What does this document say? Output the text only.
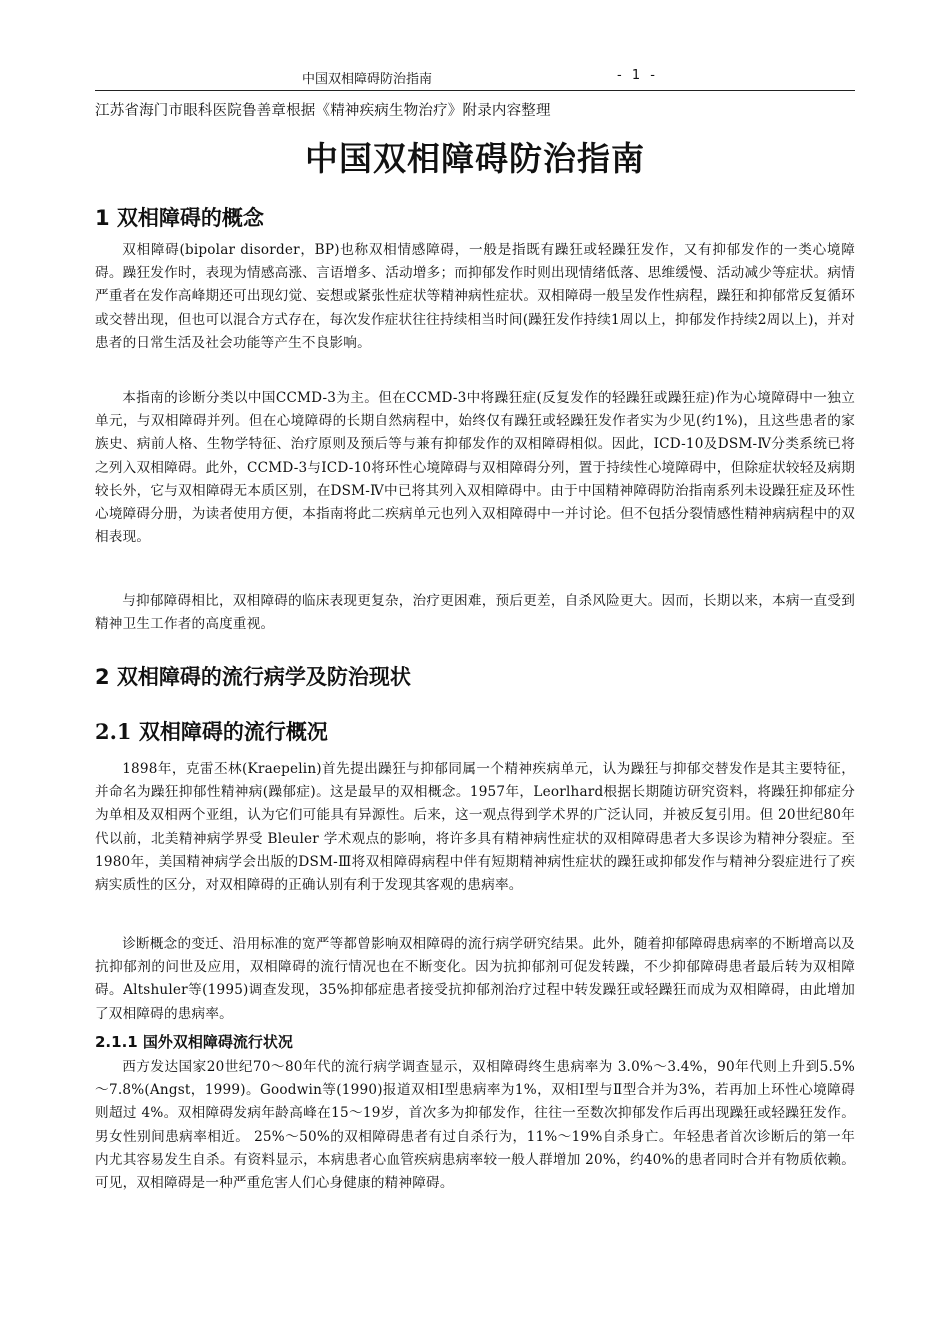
中国双相障碍防治指南	- 1 -
江苏省海门市眼科医院鲁善章根据《精神疾病生物治疗》附录内容整理
中国双相障碍防治指南
1 双相障碍的概念

双相障碍(bipolar disorder，BP)也称双相情感障碍，一般是指既有躁狂或轻躁狂发作，又有抑郁发作的一类心境障碍。躁狂发作时，表现为情感高涨、言语增多、活动增多；而抑郁发作时则出现情绪低落、思维缓慢、活动减少等症状。病情严重者在发作高峰期还可出现幻觉、妄想或紧张性症状等精神病性症状。双相障碍一般呈发作性病程，躁狂和抑郁常反复循环或交替出现，但也可以混合方式存在，每次发作症状往往持续相当时间(躁狂发作持续1周以上，抑郁发作持续2周以上)，并对患者的日常生活及社会功能等产生不良影响。

本指南的诊断分类以中国CCMD-3为主。但在CCMD-3中将躁狂症(反复发作的轻躁狂或躁狂症)作为心境障碍中一独立单元，与双相障碍并列。但在心境障碍的长期自然病程中，始终仅有躁狂或轻躁狂发作者实为少见(约1%)，且这些患者的家族史、病前人格、生物学特征、治疗原则及预后等与兼有抑郁发作的双相障碍相似。因此，ICD-10及DSM-Ⅳ分类系统已将之列入双相障碍。此外，CCMD-3与ICD-10将环性心境障碍与双相障碍分列，置于持续性心境障碍中，但除症状较轻及病期较长外，它与双相障碍无本质区别，在DSM-Ⅳ中已将其列入双相障碍中。由于中国精神障碍防治指南系列未设躁狂症及环性心境障碍分册，为读者使用方便，本指南将此二疾病单元也列入双相障碍中一并讨论。但不包括分裂情感性精神病病程中的双相表现。

与抑郁障碍相比，双相障碍的临床表现更复杂，治疗更困难，预后更差，自杀风险更大。因而，长期以来，本病一直受到精神卫生工作者的高度重视。

2 双相障碍的流行病学及防治现状
2.1 双相障碍的流行概况

1898年，克雷丕林(Kraepelin)首先提出躁狂与抑郁同属一个精神疾病单元，认为躁狂与抑郁交替发作是其主要特征，并命名为躁狂抑郁性精神病(躁郁症)。这是最早的双相概念。1957年，Leorlhard根据长期随访研究资料，将躁狂抑郁症分为单相及双相两个亚组，认为它们可能具有异源性。后来，这一观点得到学术界的广泛认同，并被反复引用。但 20世纪80年代以前，北美精神病学界受 Bleuler 学术观点的影响，将许多具有精神病性症状的双相障碍患者大多误诊为精神分裂症。至 1980年，美国精神病学会出版的DSM-Ⅲ将双相障碍病程中伴有短期精神病性症状的躁狂或抑郁发作与精神分裂症进行了疾病实质性的区分，对双相障碍的正确认别有利于发现其客观的患病率。

诊断概念的变迁、沿用标准的宽严等都曾影响双相障碍的流行病学研究结果。此外，随着抑郁障碍患病率的不断增高以及抗抑郁剂的问世及应用，双相障碍的流行情况也在不断变化。因为抗抑郁剂可促发转躁，不少抑郁障碍患者最后转为双相障碍。Altshuler等(1995)调查发现，35%抑郁症患者接受抗抑郁剂治疗过程中转发躁狂或轻躁狂而成为双相障碍，由此增加了双相障碍的患病率。

2.1.1 国外双相障碍流行状况

西方发达国家20世纪70～80年代的流行病学调查显示，双相障碍终生患病率为 3.0%～3.4%，90年代则上升到5.5%～7.8%(Angst，1999)。Goodwin等(1990)报道双相Ⅰ型患病率为1%，双相Ⅰ型与Ⅱ型合并为3%，若再加上环性心境障碍则超过 4%。双相障碍发病年龄高峰在15～19岁，首次多为抑郁发作，往往一至数次抑郁发作后再出现躁狂或轻躁狂发作。男女性别间患病率相近。 25%～50%的双相障碍患者有过自杀行为，11%～19%自杀身亡。年轻患者首次诊断后的第一年内尤其容易发生自杀。有资料显示，本病患者心血管疾病患病率较一般人群增加 20%，约40%的患者同时合并有物质依赖。可见，双相障碍是一种严重危害人们心身健康的精神障碍。
